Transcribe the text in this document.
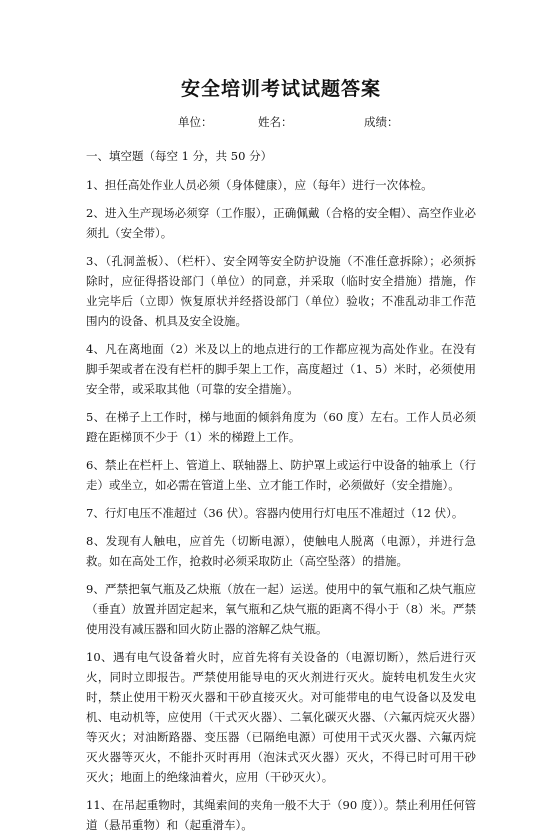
安全培训考试试题答案
单位：	姓名：	成绩：
一、填空题（每空 1 分，共 50 分）

1、担任高处作业人员必须（身体健康），应（每年）进行一次体检。

2、进入生产现场必须穿（工作服），正确佩戴（合格的安全帽）、高空作业必须扎（安全带）。

3、（孔洞盖板）、（栏杆）、安全网等安全防护设施（不准任意拆除）；必须拆除时，应征得搭设部门（单位）的同意，并采取（临时安全措施）措施，作业完毕后（立即）恢复原状并经搭设部门（单位）验收；不准乱动非工作范围内的设备、机具及安全设施。

4、凡在离地面（2）米及以上的地点进行的工作都应视为高处作业。在没有脚手架或者在没有栏杆的脚手架上工作，高度超过（1、5）米时，必须使用安全带，或采取其他（可靠的安全措施）。

5、在梯子上工作时，梯与地面的倾斜角度为（60 度）左右。工作人员必须蹬在距梯顶不少于（1）米的梯蹬上工作。

6、禁止在栏杆上、管道上、联轴器上、防护罩上或运行中设备的轴承上（行走）或坐立，如必需在管道上坐、立才能工作时，必须做好（安全措施）。

7、行灯电压不准超过（36 伏）。容器内使用行灯电压不准超过（12 伏）。

8、发现有人触电，应首先（切断电源），使触电人脱离（电源），并进行急救。如在高处工作，抢救时必须采取防止（高空坠落）的措施。

9、严禁把氧气瓶及乙炔瓶（放在一起）运送。使用中的氧气瓶和乙炔气瓶应（垂直）放置并固定起来，氧气瓶和乙炔气瓶的距离不得小于（8）米。严禁使用没有减压器和回火防止器的溶解乙炔气瓶。

10、遇有电气设备着火时，应首先将有关设备的（电源切断），然后进行灭火，同时立即报告。严禁使用能导电的灭火剂进行灭火。旋转电机发生火灾时，禁止使用干粉灭火器和干砂直接灭火。对可能带电的电气设备以及发电机、电动机等，应使用（干式灭火器）、二氧化碳灭火器、（六氟丙烷灭火器）等灭火；对油断路器、变压器（已隔绝电源）可使用干式灭火器、六氟丙烷灭火器等灭火，不能扑灭时再用（泡沫式灭火器）灭火，不得已时可用干砂灭火；地面上的绝缘油着火，应用（干砂灭火）。

11、在吊起重物时，其绳索间的夹角一般不大于（90 度））。禁止利用任何管道（悬吊重物）和（起重滑车）。
